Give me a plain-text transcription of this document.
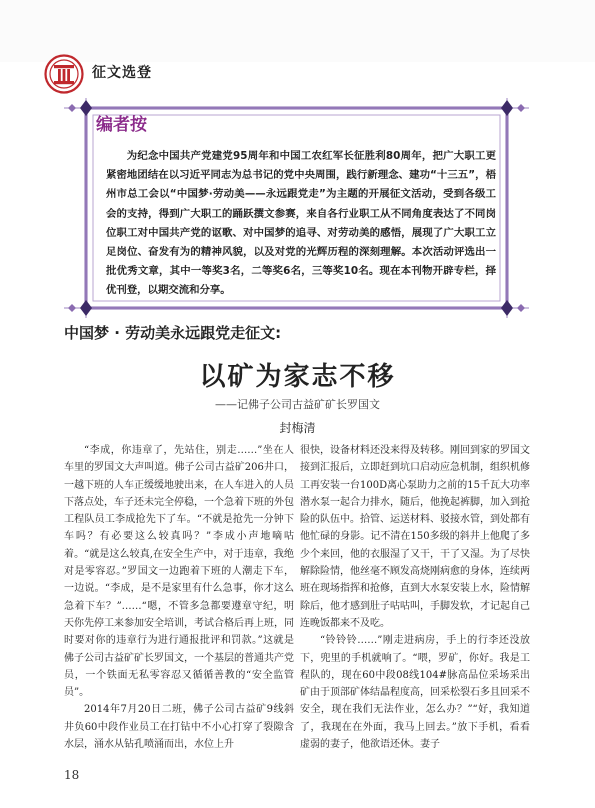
征文选登
编者按

为纪念中国共产党建党95周年和中国工农红军长征胜利80周年，把广大职工更紧密地团结在以习近平同志为总书记的党中央周围，践行新理念、建功“十三五”，梧州市总工会以“中国梦·劳动美——永远跟党走”为主题的开展征文活动，受到各级工会的支持，得到广大职工的踊跃撰文参赛，来自各行业职工从不同角度表达了不同岗位职工对中国共产党的讴歌、对中国梦的追寻、对劳动美的感悟，展现了广大职工立足岗位、奋发有为的精神风貌，以及对党的光辉历程的深刻理解。本次活动评选出一批优秀文章，其中一等奖3名，二等奖6名，三等奖10名。现在本刊物开辟专栏，择优刊登，以期交流和分享。

中国梦 · 劳动美永远跟党走征文:
以矿为家志不移
——记佛子公司古益矿矿长罗国文
封梅清

“李成，你违章了，先站住，别走……”坐在人车里的罗国文大声叫道。佛子公司古益矿206井口，一越下班的人车正缓缓地驶出来，在人车进入的人员下落点处，车子还未完全停稳，一个急着下班的外包工程队员工李成抢先下了车。“不就是抢先一分钟下车吗？有必要这么较真吗？”李成小声地嘀咕着。“就是这么较真,在安全生产中，对于违章，我绝对是零容忍。”罗国文一边跑着下班的人潮走下车，一边说。“李成，是不是家里有什么急事，你才这么急着下车？”……“嗯，不管多急都要遵章守纪，明天你先停工来参加安全培训，考试合格后再上班，同时要对你的违章行为进行通报批评和罚款。”这就是佛子公司古益矿矿长罗国文，一个基层的普通共产党员，一个铁面无私零容忍又循循善教的“安全监管员”。

2014年7月20日二班，佛子公司古益矿9线斜井负60中段作业员工在打钻中不小心打穿了裂隙含水层，涌水从钻孔喷涌而出，水位上升

很快，设备材料还没来得及转移。刚回到家的罗国文接到汇报后，立即赶到坑口启动应急机制，组织机修工再安装一台100D离心泵助力之前的15千瓦大功率潜水泵一起合力排水，随后，他挽起裤脚，加入到抢险的队伍中。拾管、运送材料、驳接水管，到处都有他忙碌的身影。记不清在150多级的斜井上他爬了多少个来回，他的衣服湿了又干，干了又湿。为了尽快解除险情，他丝毫不顾发高烧刚病愈的身体，连续两班在现场指挥和抢修，直到大水泵安装上水，险情解除后，他才感到肚子咕咕叫，手脚发软，才记起自己连晚饭都来不及吃。

“铃铃铃……”刚走进病房，手上的行李还没放下，兜里的手机就响了。“喂，罗矿，你好。我是工程队的，现在60中段08线104#脉高品位采场采出矿由于顶部矿体结晶程度高，回采松裂石多且回采不安全，现在我们无法作业，怎么办？”“好，我知道了，我现在在外面，我马上回去。”放下手机，看看虚弱的妻子，他欲语还休。妻子

18
